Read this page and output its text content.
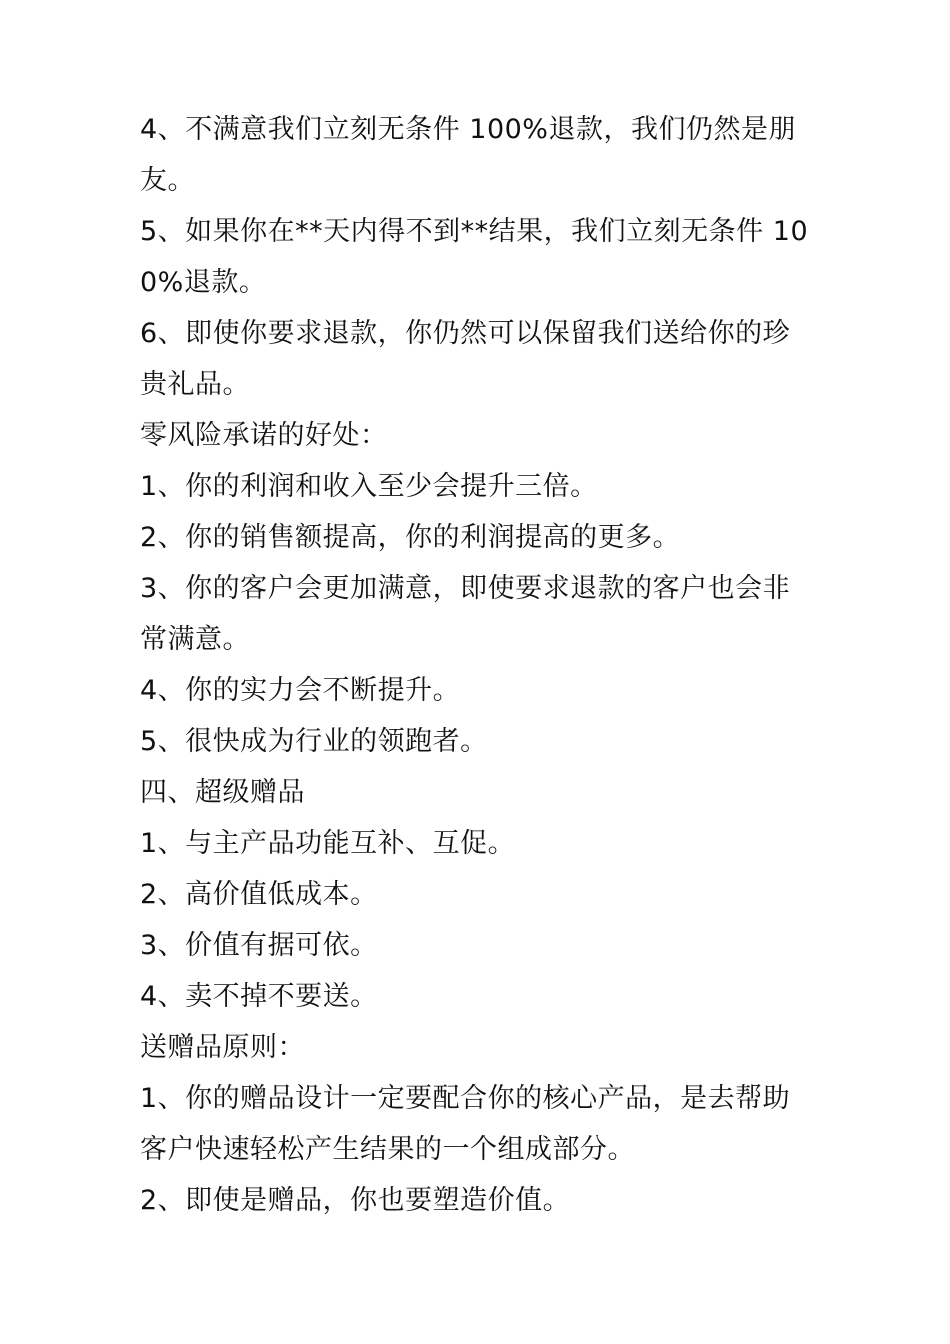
4、不满意我们立刻无条件 100%退款，我们仍然是朋友。

5、如果你在**天内得不到**结果，我们立刻无条件 100%退款。

6、即使你要求退款，你仍然可以保留我们送给你的珍贵礼品。

零风险承诺的好处：

1、你的利润和收入至少会提升三倍。

2、你的销售额提高，你的利润提高的更多。

3、你的客户会更加满意，即使要求退款的客户也会非常满意。

4、你的实力会不断提升。

5、很快成为行业的领跑者。

四、超级赠品

1、与主产品功能互补、互促。

2、高价值低成本。

3、价值有据可依。

4、卖不掉不要送。

送赠品原则：

1、你的赠品设计一定要配合你的核心产品，是去帮助客户快速轻松产生结果的一个组成部分。

2、即使是赠品，你也要塑造价值。
